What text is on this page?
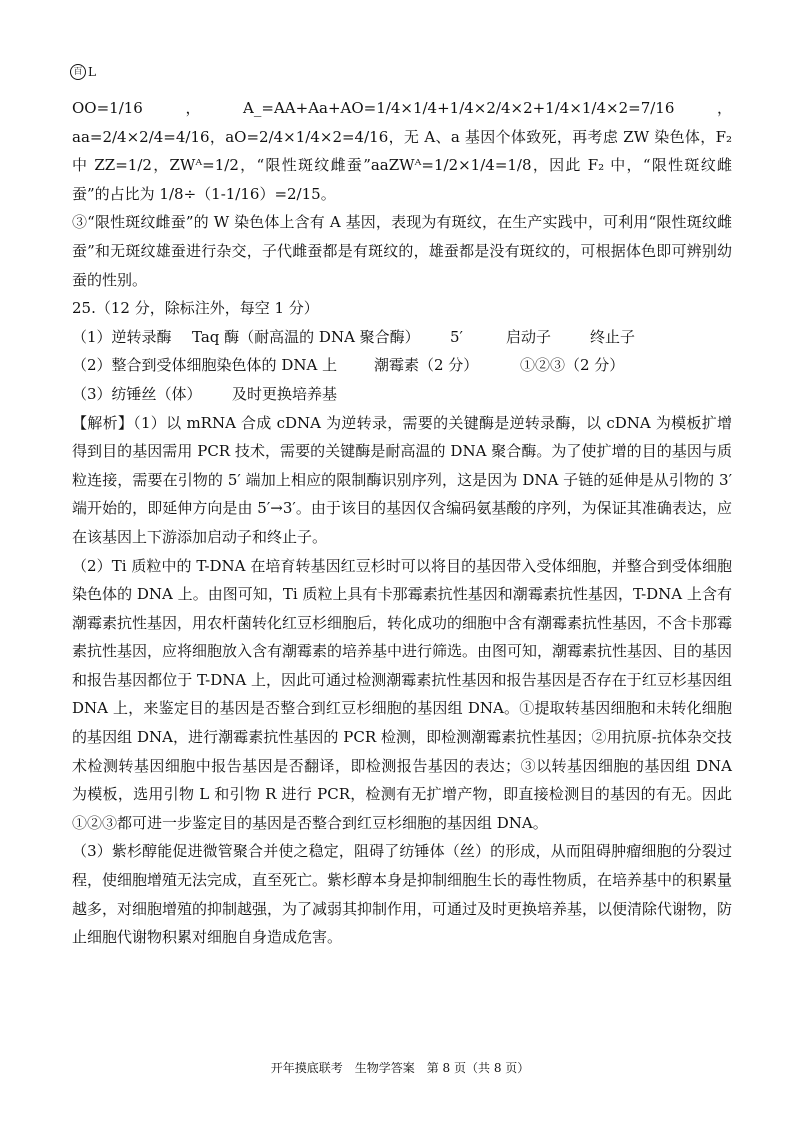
百 L

OO=1/16，A_=AA+Aa+AO=1/4×1/4+1/4×2/4×2+1/4×1/4×2=7/16，aa=2/4×2/4=4/16，aO=2/4×1/4×2=4/16，无 A、a 基因个体致死，再考虑 ZW 染色体，F₂ 中 ZZ=1/2，ZWᴬ=1/2，“限性斑纹雌蚕”aaZWᴬ=1/2×1/4=1/8，因此 F₂ 中，“限性斑纹雌蚕”的占比为 1/8÷（1-1/16）=2/15。

③“限性斑纹雌蚕”的 W 染色体上含有 A 基因，表现为有斑纹，在生产实践中，可利用“限性斑纹雌蚕”和无斑纹雄蚕进行杂交，子代雌蚕都是有斑纹的，雄蚕都是没有斑纹的，可根据体色即可辨别幼蚕的性别。

25.（12 分，除标注外，每空 1 分）

（1）逆转录酶	Taq 酶（耐高温的 DNA 聚合酶）	5′	启动子	终止子
（2）整合到受体细胞染色体的 DNA 上	潮霉素（2 分）	①②③（2 分）
（3）纺锤丝（体）	及时更换培养基

【解析】（1）以 mRNA 合成 cDNA 为逆转录，需要的关键酶是逆转录酶，以 cDNA 为模板扩增得到目的基因需用 PCR 技术，需要的关键酶是耐高温的 DNA 聚合酶。为了使扩增的目的基因与质粒连接，需要在引物的 5′ 端加上相应的限制酶识别序列，这是因为 DNA 子链的延伸是从引物的 3′ 端开始的，即延伸方向是由 5′→3′。由于该目的基因仅含编码氨基酸的序列，为保证其准确表达，应在该基因上下游添加启动子和终止子。

（2）Ti 质粒中的 T-DNA 在培育转基因红豆杉时可以将目的基因带入受体细胞，并整合到受体细胞染色体的 DNA 上。由图可知，Ti 质粒上具有卡那霉素抗性基因和潮霉素抗性基因，T-DNA 上含有潮霉素抗性基因，用农杆菌转化红豆杉细胞后，转化成功的细胞中含有潮霉素抗性基因，不含卡那霉素抗性基因，应将细胞放入含有潮霉素的培养基中进行筛选。由图可知，潮霉素抗性基因、目的基因和报告基因都位于 T-DNA 上，因此可通过检测潮霉素抗性基因和报告基因是否存在于红豆杉基因组 DNA 上，来鉴定目的基因是否整合到红豆杉细胞的基因组 DNA。①提取转基因细胞和未转化细胞的基因组 DNA，进行潮霉素抗性基因的 PCR 检测，即检测潮霉素抗性基因；②用抗原-抗体杂交技术检测转基因细胞中报告基因是否翻译，即检测报告基因的表达；③以转基因细胞的基因组 DNA 为模板，选用引物 L 和引物 R 进行 PCR，检测有无扩增产物，即直接检测目的基因的有无。因此①②③都可进一步鉴定目的基因是否整合到红豆杉细胞的基因组 DNA。

（3）紫杉醇能促进微管聚合并使之稳定，阻碍了纺锤体（丝）的形成，从而阻碍肿瘤细胞的分裂过程，使细胞增殖无法完成，直至死亡。紫杉醇本身是抑制细胞生长的毒性物质，在培养基中的积累量越多，对细胞增殖的抑制越强，为了减弱其抑制作用，可通过及时更换培养基，以便清除代谢物，防止细胞代谢物积累对细胞自身造成危害。

开年摸底联考　生物学答案　第 8 页（共 8 页）
